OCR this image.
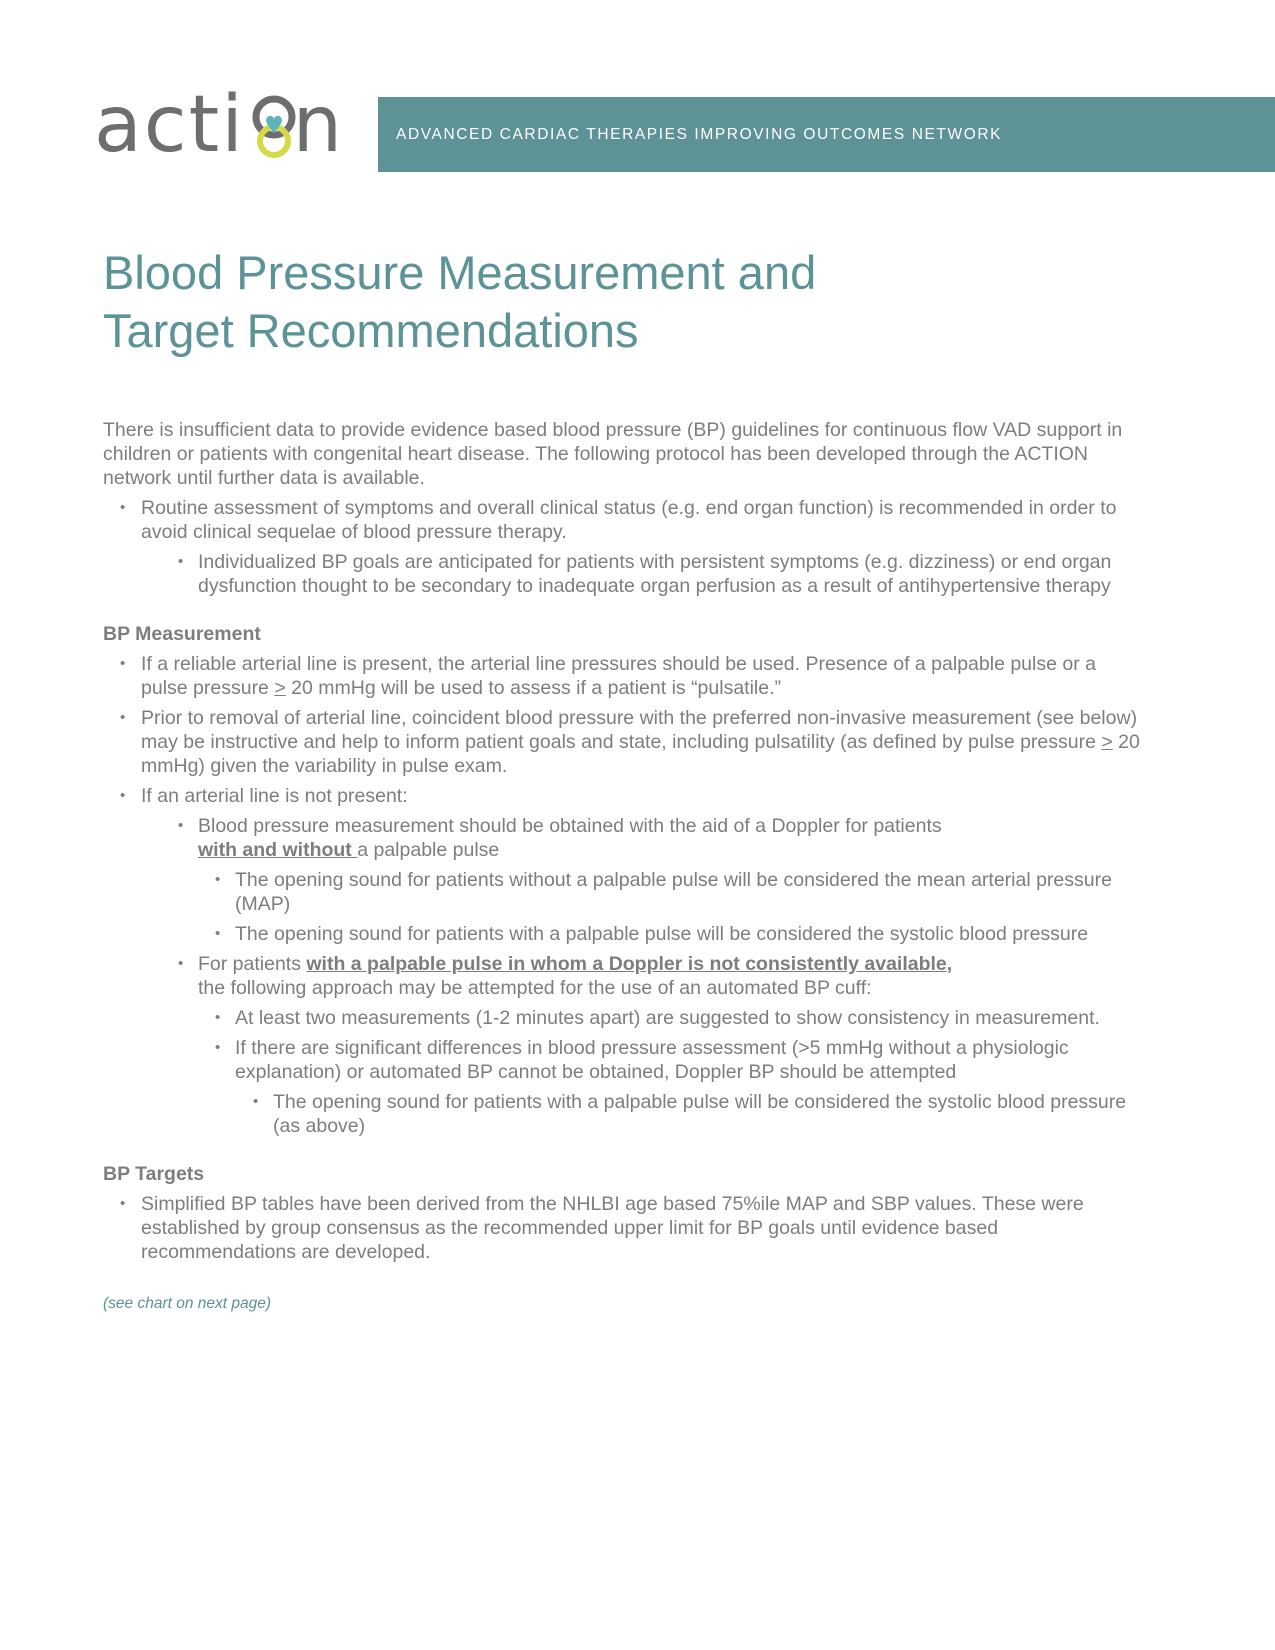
acti n	ADVANCED CARDIAC THERAPIES IMPROVING OUTCOMES NETWORK
Blood Pressure Measurement and
Target Recommendations

There is insufficient data to provide evidence based blood pressure (BP) guidelines for continuous flow VAD support in children or patients with congenital heart disease. The following protocol has been developed through the ACTION network until further data is available.

• Routine assessment of symptoms and overall clinical status (e.g. end organ function) is recommended in order to avoid clinical sequelae of blood pressure therapy.
• Individualized BP goals are anticipated for patients with persistent symptoms (e.g. dizziness) or end organ dysfunction thought to be secondary to inadequate organ perfusion as a result of antihypertensive therapy
BP Measurement
• If a reliable arterial line is present, the arterial line pressures should be used. Presence of a palpable pulse or a pulse pressure > 20 mmHg will be used to assess if a patient is “pulsatile.”
• Prior to removal of arterial line, coincident blood pressure with the preferred non-invasive measurement (see below) may be instructive and help to inform patient goals and state, including pulsatility (as defined by pulse pressure > 20 mmHg) given the variability in pulse exam.
• If an arterial line is not present:
• Blood pressure measurement should be obtained with the aid of a Doppler for patients
with and without a palpable pulse
• The opening sound for patients without a palpable pulse will be considered the mean arterial pressure (MAP)
• The opening sound for patients with a palpable pulse will be considered the systolic blood pressure
• For patients with a palpable pulse in whom a Doppler is not consistently available,
the following approach may be attempted for the use of an automated BP cuff:
• At least two measurements (1-2 minutes apart) are suggested to show consistency in measurement.
• If there are significant differences in blood pressure assessment (>5 mmHg without a physiologic explanation) or automated BP cannot be obtained, Doppler BP should be attempted
• The opening sound for patients with a palpable pulse will be considered the systolic blood pressure (as above)
BP Targets
• Simplified BP tables have been derived from the NHLBI age based 75%ile MAP and SBP values. These were established by group consensus as the recommended upper limit for BP goals until evidence based recommendations are developed.

(see chart on next page)
